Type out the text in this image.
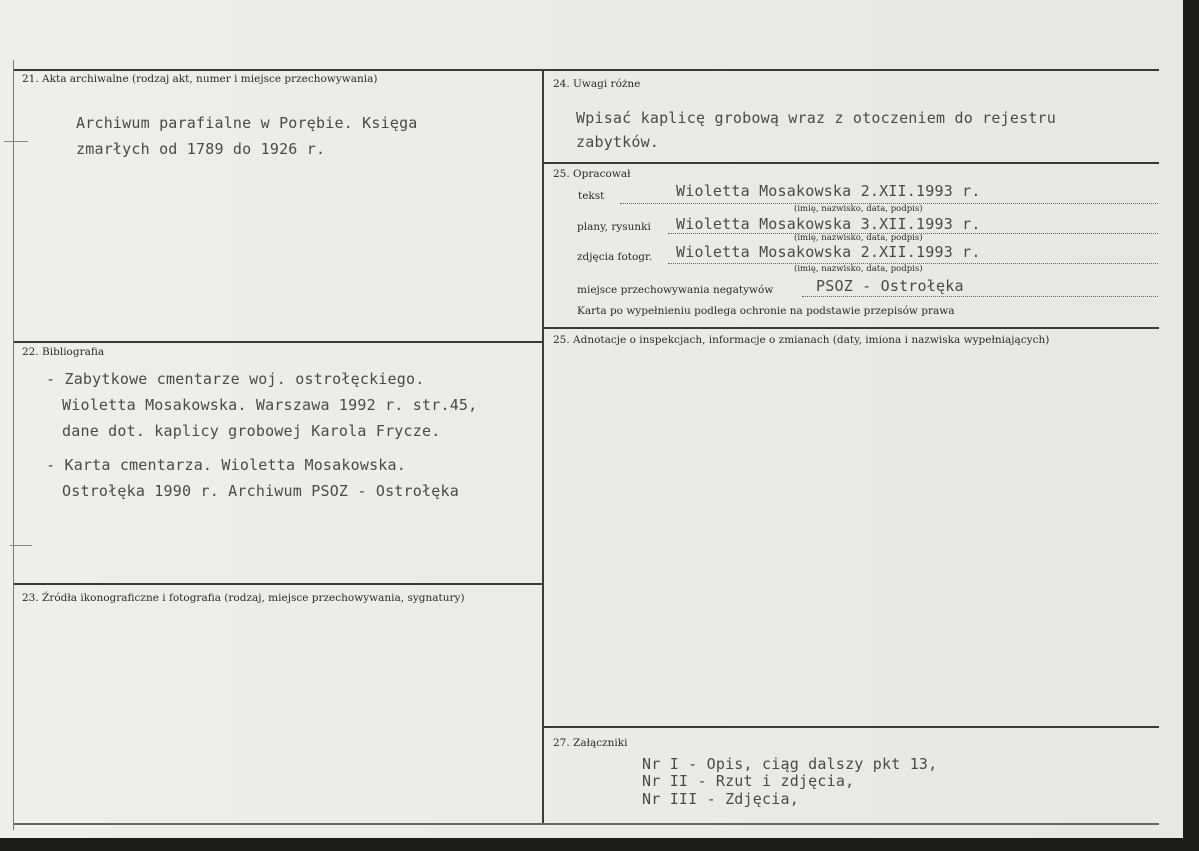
21. Akta archiwalne (rodzaj akt, numer i miejsce przechowywania)
Archiwum parafialne w Porębie. Księga
zmarłych od 1789 do 1926 r.
22. Bibliografia
- Zabytkowe cmentarze woj. ostrołęckiego.
Wioletta Mosakowska. Warszawa 1992 r. str.45,
dane dot. kaplicy grobowej Karola Frycze.
- Karta cmentarza. Wioletta Mosakowska.
Ostrołęka 1990 r. Archiwum PSOZ - Ostrołęka
23. Źródła ikonograficzne i fotografia (rodzaj, miejsce przechowywania, sygnatury)
24. Uwagi różne
Wpisać kaplicę grobową wraz z otoczeniem do rejestru
zabytków.
25. Opracował
tekst	Wioletta Mosakowska 2.XII.1993 r.
(imię, nazwisko, data, podpis)
plany, rysunki Wioletta Mosakowska 3.XII.1993 r.
(imię, nazwisko, data, podpis)
zdjęcia fotogr. Wioletta Mosakowska 2.XII.1993 r.
(imię, nazwisko, data, podpis)
miejsce przechowywania negatywów	PSOZ - Ostrołęka
Karta po wypełnieniu podlega ochronie na podstawie przepisów prawa
25. Adnotacje o inspekcjach, informacje o zmianach (daty, imiona i nazwiska wypełniających)
27. Załączniki
Nr I - Opis, ciąg dalszy pkt 13,
Nr II - Rzut i zdjęcia,
Nr III - Zdjęcia,
